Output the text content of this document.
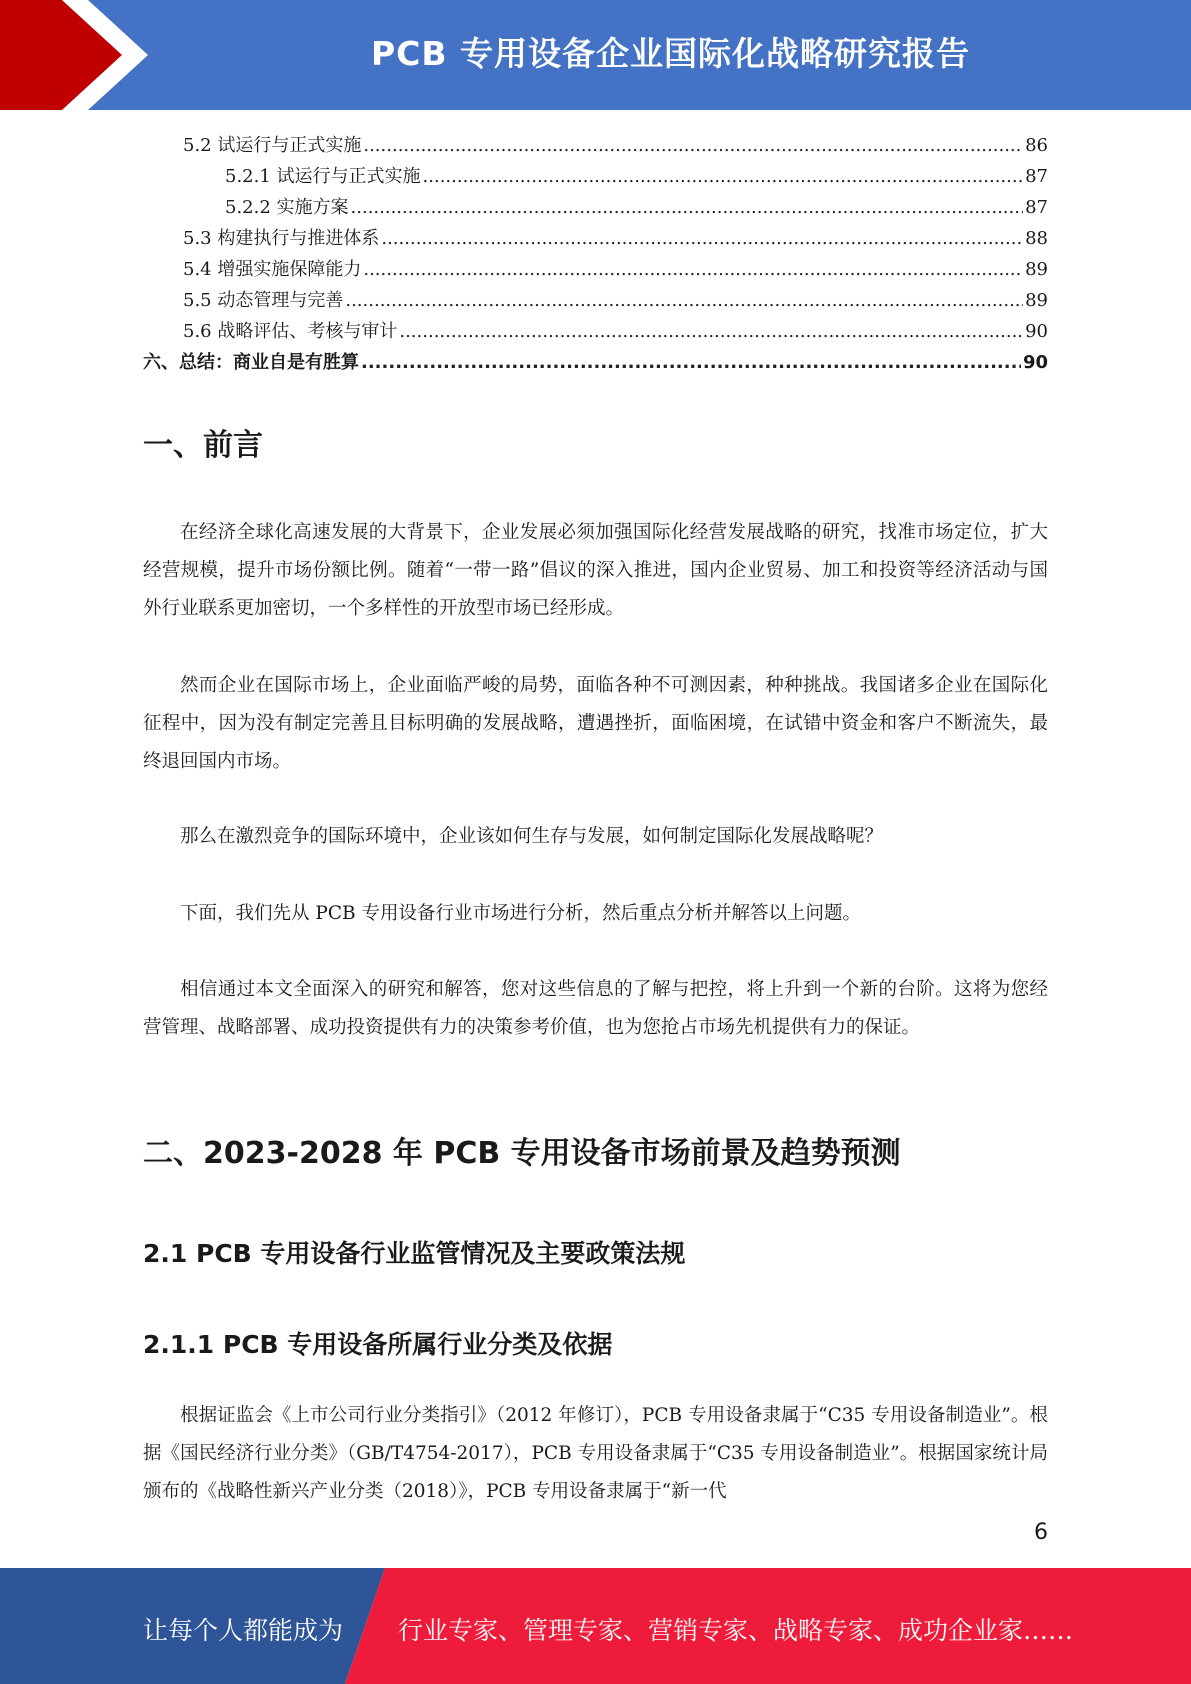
PCB 专用设备企业国际化战略研究报告
5.2 试运行与正式实施 .....	86
5.2.1 试运行与正式实施 .....	87
5.2.2 实施方案 .....	87
5.3 构建执行与推进体系 .....	88
5.4 增强实施保障能力 .....	89
5.5 动态管理与完善 .....	89
5.6 战略评估、考核与审计 .....	90
六、总结：商业自是有胜算 .....	90
一、前言

在经济全球化高速发展的大背景下，企业发展必须加强国际化经营发展战略的研究，找准市场定位，扩大经营规模，提升市场份额比例。随着“一带一路”倡议的深入推进，国内企业贸易、加工和投资等经济活动与国外行业联系更加密切，一个多样性的开放型市场已经形成。

然而企业在国际市场上，企业面临严峻的局势，面临各种不可测因素，种种挑战。我国诸多企业在国际化征程中，因为没有制定完善且目标明确的发展战略，遭遇挫折，面临困境，在试错中资金和客户不断流失，最终退回国内市场。

那么在激烈竞争的国际环境中，企业该如何生存与发展，如何制定国际化发展战略呢？

下面，我们先从 PCB 专用设备行业市场进行分析，然后重点分析并解答以上问题。

相信通过本文全面深入的研究和解答，您对这些信息的了解与把控，将上升到一个新的台阶。这将为您经营管理、战略部署、成功投资提供有力的决策参考价值，也为您抢占市场先机提供有力的保证。

二、2023-2028 年 PCB 专用设备市场前景及趋势预测
2.1 PCB 专用设备行业监管情况及主要政策法规
2.1.1 PCB 专用设备所属行业分类及依据

根据证监会《上市公司行业分类指引》（2012 年修订），PCB 专用设备隶属于“C35 专用设备制造业”。根据《国民经济行业分类》（GB/T4754-2017），PCB 专用设备隶属于“C35 专用设备制造业”。根据国家统计局颁布的《战略性新兴产业分类（2018）》，PCB 专用设备隶属于“新一代

6
让每个人都能成为 行业专家、管理专家、营销专家、战略专家、成功企业家……
